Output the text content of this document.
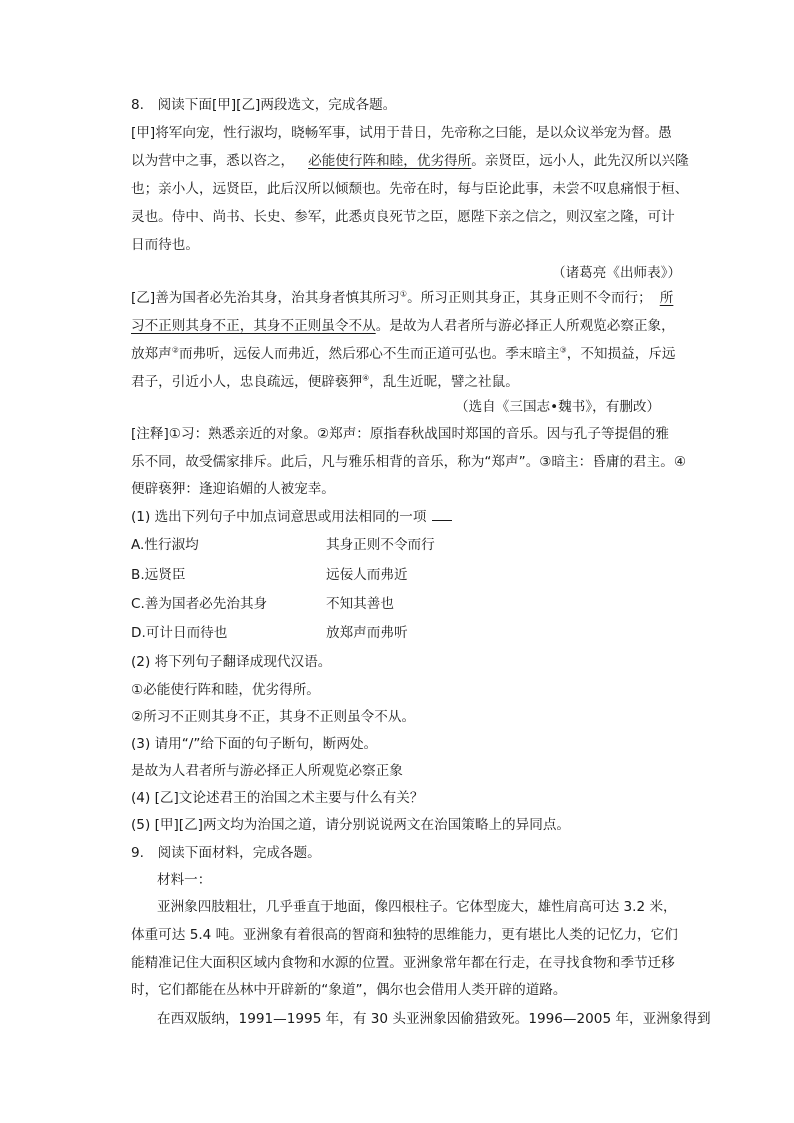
8.　阅读下面[甲][乙]两段选文，完成各题。
[甲]将军向宠，性行淑均，晓畅军事，试用于昔日，先帝称之曰能，是以众议举宠为督。愚
以为营中之事，悉以咨之， 必能使行阵和睦，优劣得所。亲贤臣，远小人，此先汉所以兴隆
也；亲小人，远贤臣，此后汉所以倾颓也。先帝在时，每与臣论此事，未尝不叹息痛恨于桓、
灵也。侍中、尚书、长史、参军，此悉贞良死节之臣，愿陛下亲之信之，则汉室之隆，可计
日而待也。
（诸葛亮《出师表》）
[乙]善为国者必先治其身，治其身者慎其所习①。所习正则其身正，其身正则不令而行； 所
习不正则其身不正，其身不正则虽令不从。是故为人君者所与游必择正人所观览必察正象，
放郑声②而弗听，远佞人而弗近，然后邪心不生而正道可弘也。季末暗主③，不知损益，斥远
君子，引近小人，忠良疏远，便辟亵狎④，乱生近昵，譬之社鼠。
（选自《三国志•魏书》，有删改）
[注释]①习：熟悉亲近的对象。②郑声：原指春秋战国时郑国的音乐。因与孔子等提倡的雅
乐不同，故受儒家排斥。此后，凡与雅乐相背的音乐，称为“郑声”。③暗主：昏庸的君主。④
便辟亵狎：逢迎谄媚的人被宠幸。
(1) 选出下列句子中加点词意思或用法相同的一项
A.性行淑均	其身正则不令而行
B.远贤臣	远佞人而弗近
C.善为国者必先治其身	不知其善也
D.可计日而待也	放郑声而弗听
(2) 将下列句子翻译成现代汉语。
①必能使行阵和睦，优劣得所。
②所习不正则其身不正，其身不正则虽令不从。
(3) 请用“/”给下面的句子断句，断两处。
是故为人君者所与游必择正人所观览必察正象
(4) [乙]文论述君王的治国之术主要与什么有关？
(5) [甲][乙]两文均为治国之道，请分别说说两文在治国策略上的异同点。
9.　阅读下面材料，完成各题。
材料一：
亚洲象四肢粗壮，几乎垂直于地面，像四根柱子。它体型庞大，雄性肩高可达 3.2 米，
体重可达 5.4 吨。亚洲象有着很高的智商和独特的思维能力，更有堪比人类的记忆力，它们
能精准记住大面积区域内食物和水源的位置。亚洲象常年都在行走，在寻找食物和季节迁移
时，它们都能在丛林中开辟新的“象道”，偶尔也会借用人类开辟的道路。
在西双版纳，1991—1995 年，有 30 头亚洲象因偷猎致死。1996—2005 年，亚洲象得到
